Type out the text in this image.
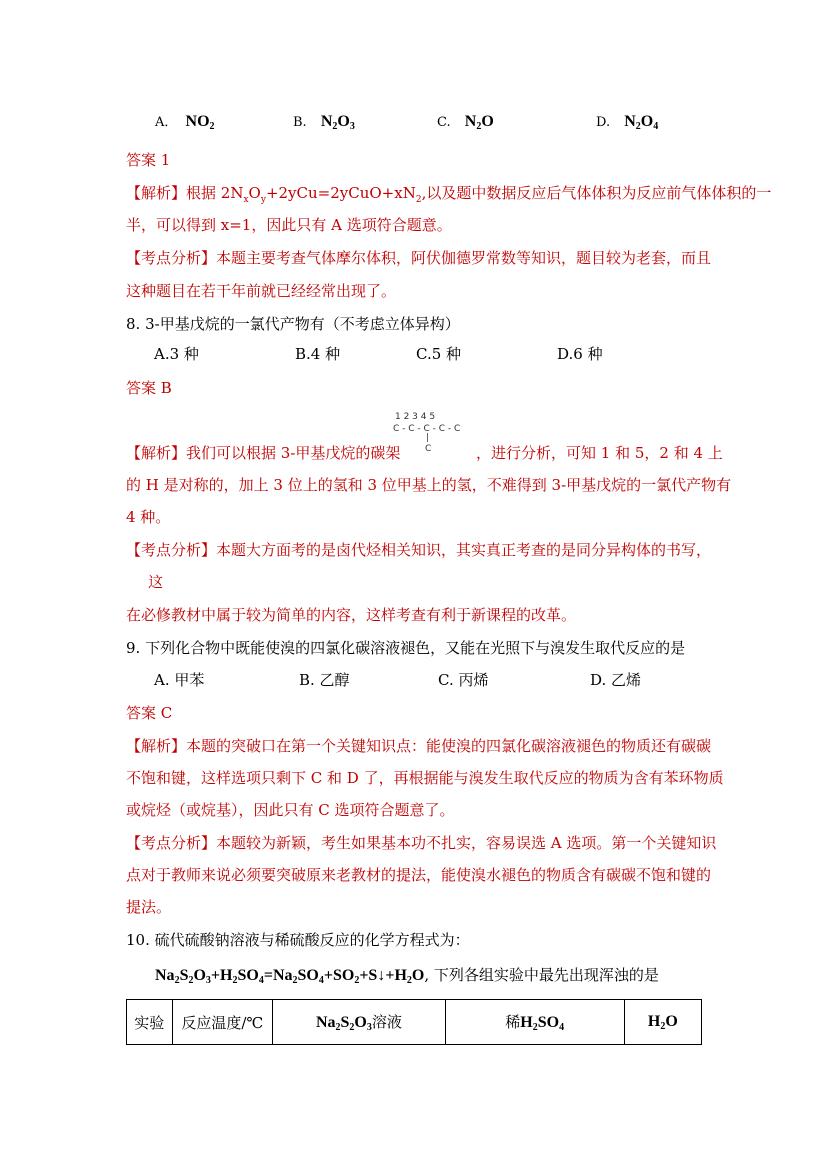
A． $NO_2$	B. $N_2O_3$	C. $N_2O$	D. $N_2O_4$
答案 1
【解析】根据 $2N_xO_y+2yCu=2yCuO+xN_2$,以及题中数据反应后气体体积为反应前气体体积的一
半，可以得到 x=1，因此只有 A 选项符合题意。
【考点分析】本题主要考查气体摩尔体积，阿伏伽德罗常数等知识，题目较为老套，而且
这种题目在若干年前就已经经常出现了。
8. 3-甲基戊烷的一氯代产物有（不考虑立体异构）
A.3 种	B.4 种	C.5 种	D.6 种
答案 B
1 2 3 4 5
C - C - C - C - C
|
C
【解析】我们可以根据 3-甲基戊烷的碳架	，进行分析，可知 1 和 5，2 和 4 上
的 H 是对称的，加上 3 位上的氢和 3 位甲基上的氢，不难得到 3-甲基戊烷的一氯代产物有
4 种。
【考点分析】本题大方面考的是卤代烃相关知识，其实真正考查的是同分异构体的书写，
这
在必修教材中属于较为简单的内容，这样考查有利于新课程的改革。
9. 下列化合物中既能使溴的四氯化碳溶液褪色，又能在光照下与溴发生取代反应的是
A. 甲苯	B. 乙醇	C. 丙烯	D. 乙烯
答案 C
【解析】本题的突破口在第一个关键知识点：能使溴的四氯化碳溶液褪色的物质还有碳碳
不饱和键，这样选项只剩下 C 和 D 了，再根据能与溴发生取代反应的物质为含有苯环物质
或烷烃（或烷基），因此只有 C 选项符合题意了。
【考点分析】本题较为新颖，考生如果基本功不扎实，容易误选 A 选项。第一个关键知识
点对于教师来说必须要突破原来老教材的提法，能使溴水褪色的物质含有碳碳不饱和键的
提法。
10. 硫代硫酸钠溶液与稀硫酸反应的化学方程式为：
$Na_2S_2O_3+H_2SO_4=Na_2SO_4+SO_2+S↓+H_2O$, 下列各组实验中最先出现浑浊的是
实验	反应温度/℃	$Na_2S_2O_3$溶液	稀$H_2SO_4$	$H_2O$
